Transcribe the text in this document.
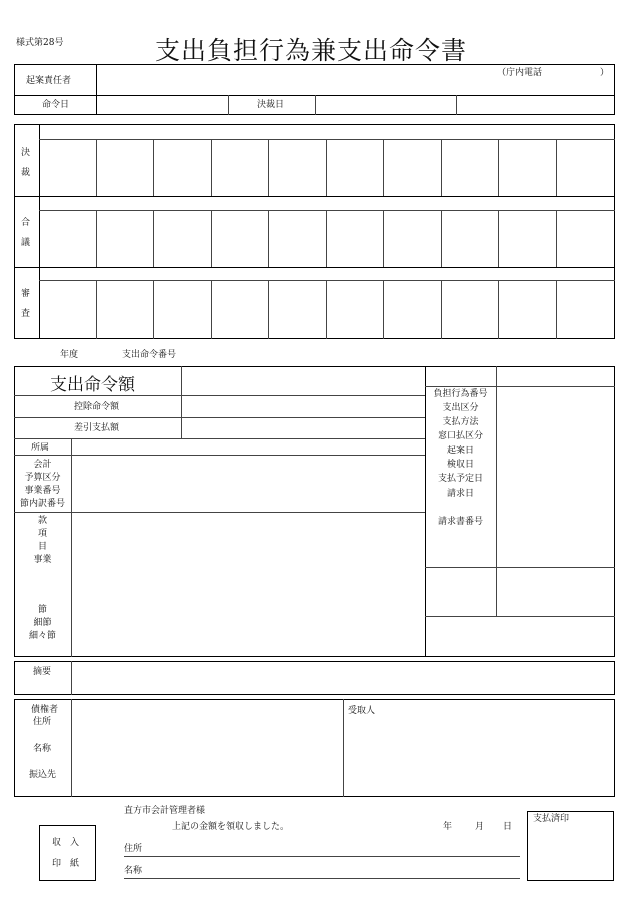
様式第28号	支出負担行為兼支出命令書
起案責任者
（庁内電話	）
命令日	決裁日
決
裁
合
議
審
査
年度	支出命令番号
支出命令額
控除命令額
差引支払額
所属
会計
予算区分
事業番号
節内訳番号
款
項
目
事業
節
細節
細々節
負担行為番号
支出区分
支払方法
窓口払区分
起案日
検収日
支払予定日
請求日
請求書番号
摘要
債権者
住所
名称
振込先
受取人
収　入
印　紙
直方市会計管理者様
上記の金額を領収しました。	年	月 日
住所
名称
支払済印
